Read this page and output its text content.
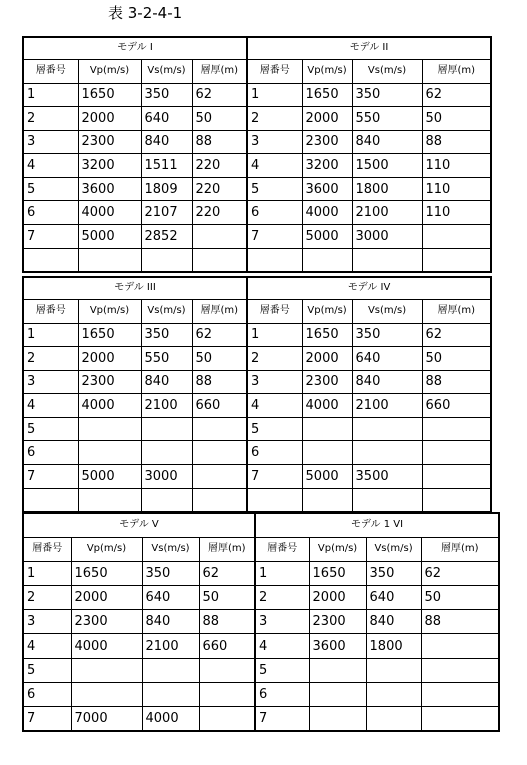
表 3-2-4-1
モデル I				モデル II			
層番号	Vp(m/s)	Vs(m/s)	層厚(m)	層番号	Vp(m/s)	Vs(m/s)	層厚(m)
1	1650	350	62	1	1650	350	62
2	2000	640	50	2	2000	550	50
3	2300	840	88	3	2300	840	88
4	3200	1511	220	4	3200	1500	110
5	3600	1809	220	5	3600	1800	110
6	4000	2107	220	6	4000	2100	110
7	5000	2852		7	5000	3000	

モデル III				モデル IV			
層番号	Vp(m/s)	Vs(m/s)	層厚(m)	層番号	Vp(m/s)	Vs(m/s)	層厚(m)
1	1650	350	62	1	1650	350	62
2	2000	550	50	2	2000	640	50
3	2300	840	88	3	2300	840	88
4	4000	2100	660	4	4000	2100	660
5				5			
6				6			
7	5000	3000		7	5000	3500	

モデル V				モデル 1 VI			
層番号	Vp(m/s)	Vs(m/s)	層厚(m)	層番号	Vp(m/s)	Vs(m/s)	層厚(m)
1	1650	350	62	1	1650	350	62
2	2000	640	50	2	2000	640	50
3	2300	840	88	3	2300	840	88
4	4000	2100	660	4	3600	1800	
5				5			
6				6			
7	7000	4000		7			
